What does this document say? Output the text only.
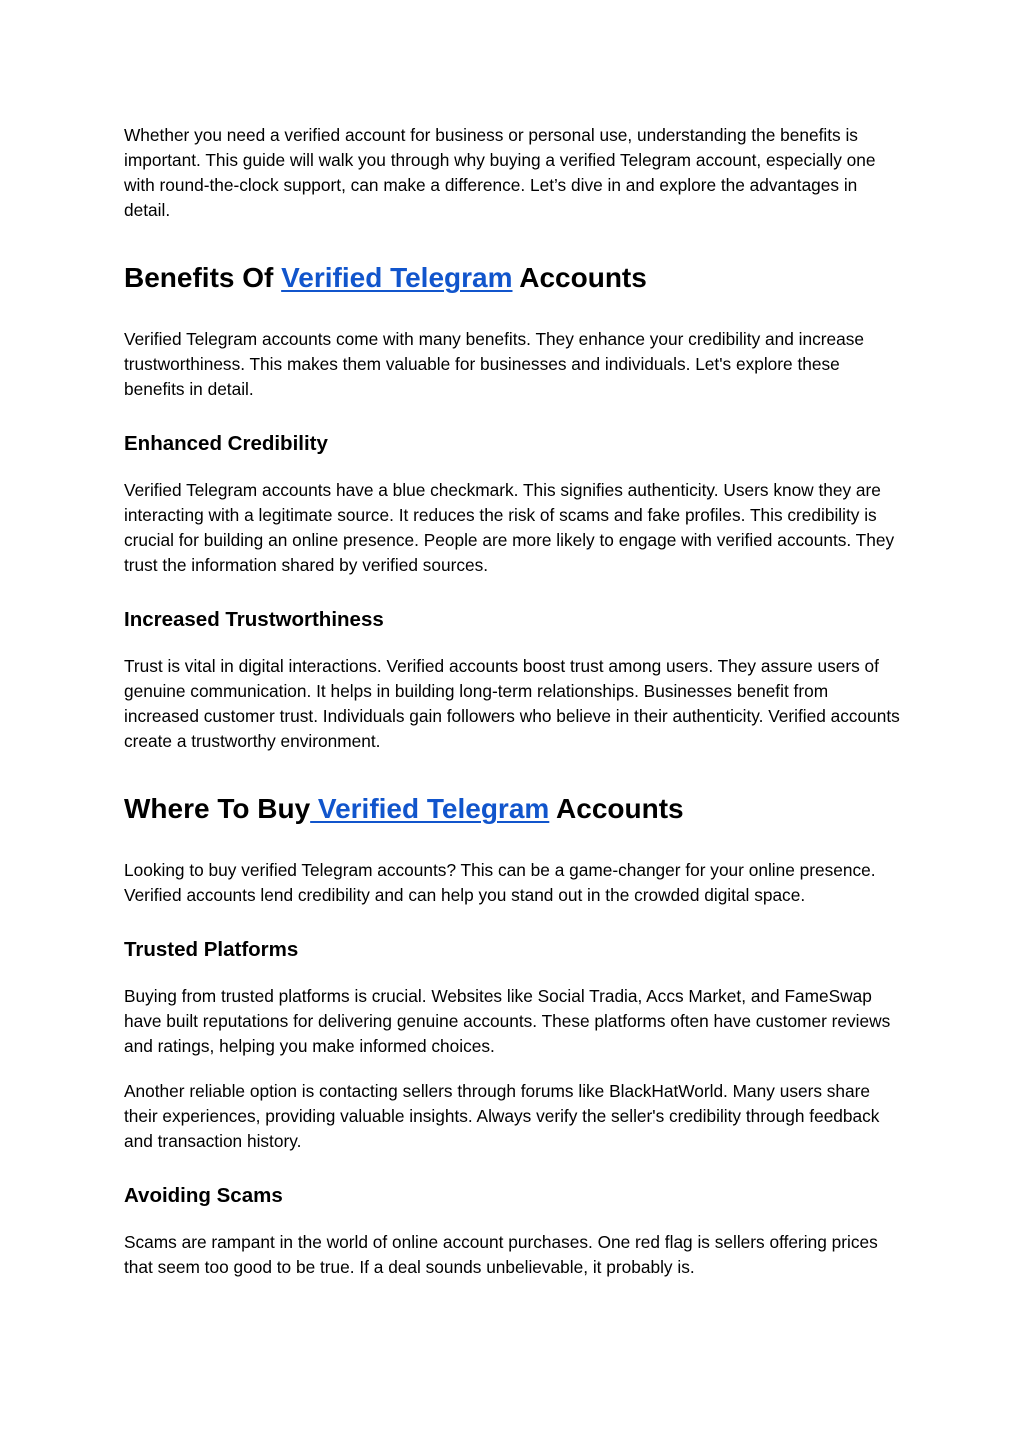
Whether you need a verified account for business or personal use, understanding the benefits is important. This guide will walk you through why buying a verified Telegram account, especially one with round-the-clock support, can make a difference. Let’s dive in and explore the advantages in detail.

Benefits Of Verified Telegram Accounts

Verified Telegram accounts come with many benefits. They enhance your credibility and increase trustworthiness. This makes them valuable for businesses and individuals. Let's explore these benefits in detail.

Enhanced Credibility

Verified Telegram accounts have a blue checkmark. This signifies authenticity. Users know they are interacting with a legitimate source. It reduces the risk of scams and fake profiles. This credibility is crucial for building an online presence. People are more likely to engage with verified accounts. They trust the information shared by verified sources.

Increased Trustworthiness

Trust is vital in digital interactions. Verified accounts boost trust among users. They assure users of genuine communication. It helps in building long-term relationships. Businesses benefit from increased customer trust. Individuals gain followers who believe in their authenticity. Verified accounts create a trustworthy environment.

Where To Buy Verified Telegram Accounts

Looking to buy verified Telegram accounts? This can be a game-changer for your online presence. Verified accounts lend credibility and can help you stand out in the crowded digital space.

Trusted Platforms

Buying from trusted platforms is crucial. Websites like Social Tradia, Accs Market, and FameSwap have built reputations for delivering genuine accounts. These platforms often have customer reviews and ratings, helping you make informed choices.

Another reliable option is contacting sellers through forums like BlackHatWorld. Many users share their experiences, providing valuable insights. Always verify the seller's credibility through feedback and transaction history.

Avoiding Scams

Scams are rampant in the world of online account purchases. One red flag is sellers offering prices that seem too good to be true. If a deal sounds unbelievable, it probably is.
